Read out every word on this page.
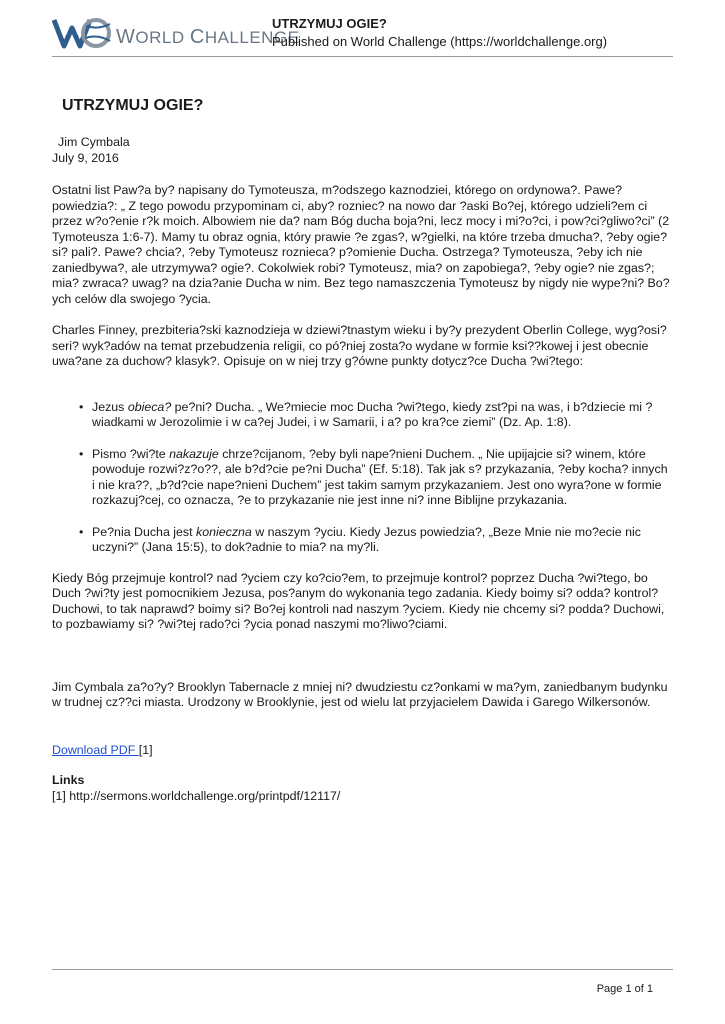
WORLD CHALLENGE
UTRZYMUJ OGIE?
Published on World Challenge (https://worldchallenge.org)
UTRZYMUJ OGIE?
Jim Cymbala
July 9, 2016

Ostatni list Paw?a by? napisany do Tymoteusza, m?odszego kaznodziei, którego on ordynowa?. Pawe? powiedzia?: „ Z tego powodu przypominam ci, aby? rozniec? na nowo dar ?aski Bo?ej, którego udzieli?em ci przez w?o?enie r?k moich. Albowiem nie da? nam Bóg ducha boja?ni, lecz mocy i mi?o?ci, i pow?ci?gliwo?ci” (2 Tymoteusza 1:6-7). Mamy tu obraz ognia, który prawie ?e zgas?, w?gielki, na które trzeba dmucha?, ?eby ogie? si? pali?. Pawe? chcia?, ?eby Tymoteusz roznieca? p?omienie Ducha. Ostrzega? Tymoteusza, ?eby ich nie zaniedbywa?, ale utrzymywa? ogie?. Cokolwiek robi? Tymoteusz, mia? on zapobiega?, ?eby ogie? nie zgas?; mia? zwraca? uwag? na dzia?anie Ducha w nim. Bez tego namaszczenia Tymoteusz by nigdy nie wype?ni? Bo?ych celów dla swojego ?ycia.

Charles Finney, prezbiteria?ski kaznodzieja w dziewi?tnastym wieku i by?y prezydent Oberlin College, wyg?osi? seri? wyk?adów na temat przebudzenia religii, co pó?niej zosta?o wydane w formie ksi??kowej i jest obecnie uwa?ane za duchow? klasyk?. Opisuje on w niej trzy g?ówne punkty dotycz?ce Ducha ?wi?tego:

• Jezus obieca? pe?ni? Ducha. „ We?miecie moc Ducha ?wi?tego, kiedy zst?pi na was, i b?dziecie mi ?wiadkami w Jerozolimie i w ca?ej Judei, i w Samarii, i a? po kra?ce ziemi” (Dz. Ap. 1:8).
• Pismo ?wi?te nakazuje chrze?cijanom, ?eby byli nape?nieni Duchem. „ Nie upijajcie si? winem, które powoduje rozwi?z?o??, ale b?d?cie pe?ni Ducha” (Ef. 5:18). Tak jak s? przykazania, ?eby kocha? innych i nie kra??, „b?d?cie nape?nieni Duchem” jest takim samym przykazaniem. Jest ono wyra?one w formie rozkazuj?cej, co oznacza, ?e to przykazanie nie jest inne ni? inne Biblijne przykazania.
• Pe?nia Ducha jest konieczna w naszym ?yciu. Kiedy Jezus powiedzia?, „Beze Mnie nie mo?ecie nic uczyni?” (Jana 15:5), to dok?adnie to mia? na my?li.

Kiedy Bóg przejmuje kontrol? nad ?yciem czy ko?cio?em, to przejmuje kontrol? poprzez Ducha ?wi?tego, bo Duch ?wi?ty jest pomocnikiem Jezusa, pos?anym do wykonania tego zadania. Kiedy boimy si? odda? kontrol? Duchowi, to tak naprawd? boimy si? Bo?ej kontroli nad naszym ?yciem. Kiedy nie chcemy si? podda? Duchowi, to pozbawiamy si? ?wi?tej rado?ci ?ycia ponad naszymi mo?liwo?ciami.

Jim Cymbala za?o?y? Brooklyn Tabernacle z mniej ni? dwudziestu cz?onkami w ma?ym, zaniedbanym budynku w trudnej cz??ci miasta. Urodzony w Brooklynie, jest od wielu lat przyjacielem Dawida i Garego Wilkersonów.

Download PDF [1]
Links
[1] http://sermons.worldchallenge.org/printpdf/12117/
Page 1 of 1
